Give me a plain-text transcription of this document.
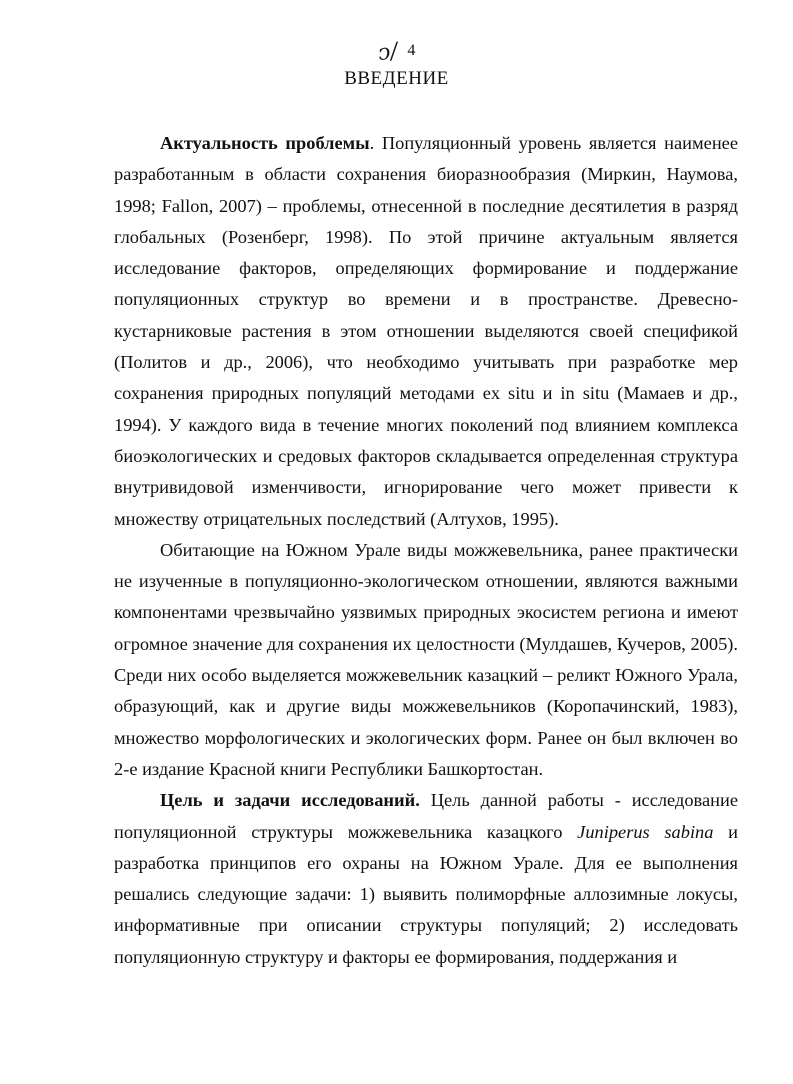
ↄ/ 4
ВВЕДЕНИЕ

Актуальность проблемы. Популяционный уровень является наименее разработанным в области сохранения биоразнообразия (Миркин, Наумова, 1998; Fallon, 2007) – проблемы, отнесенной в последние десятилетия в разряд глобальных (Розенберг, 1998). По этой причине актуальным является исследование факторов, определяющих формирование и поддержание популяционных структур во времени и в пространстве. Древесно-кустарниковые растения в этом отношении выделяются своей спецификой (Политов и др., 2006), что необходимо учитывать при разработке мер сохранения природных популяций методами ex situ и in situ (Мамаев и др., 1994). У каждого вида в течение многих поколений под влиянием комплекса биоэкологических и средовых факторов складывается определенная структура внутривидовой изменчивости, игнорирование чего может привести к множеству отрицательных последствий (Алтухов, 1995).

Обитающие на Южном Урале виды можжевельника, ранее практически не изученные в популяционно-экологическом отношении, являются важными компонентами чрезвычайно уязвимых природных экосистем региона и имеют огромное значение для сохранения их целостности (Мулдашев, Кучеров, 2005). Среди них особо выделяется можжевельник казацкий – реликт Южного Урала, образующий, как и другие виды можжевельников (Коропачинский, 1983), множество морфологических и экологических форм. Ранее он был включен во 2-е издание Красной книги Республики Башкортостан.

Цель и задачи исследований. Цель данной работы - исследование популяционной структуры можжевельника казацкого Juniperus sabina и разработка принципов его охраны на Южном Урале. Для ее выполнения решались следующие задачи: 1) выявить полиморфные аллозимные локусы, информативные при описании структуры популяций; 2) исследовать популяционную структуру и факторы ее формирования, поддержания и
